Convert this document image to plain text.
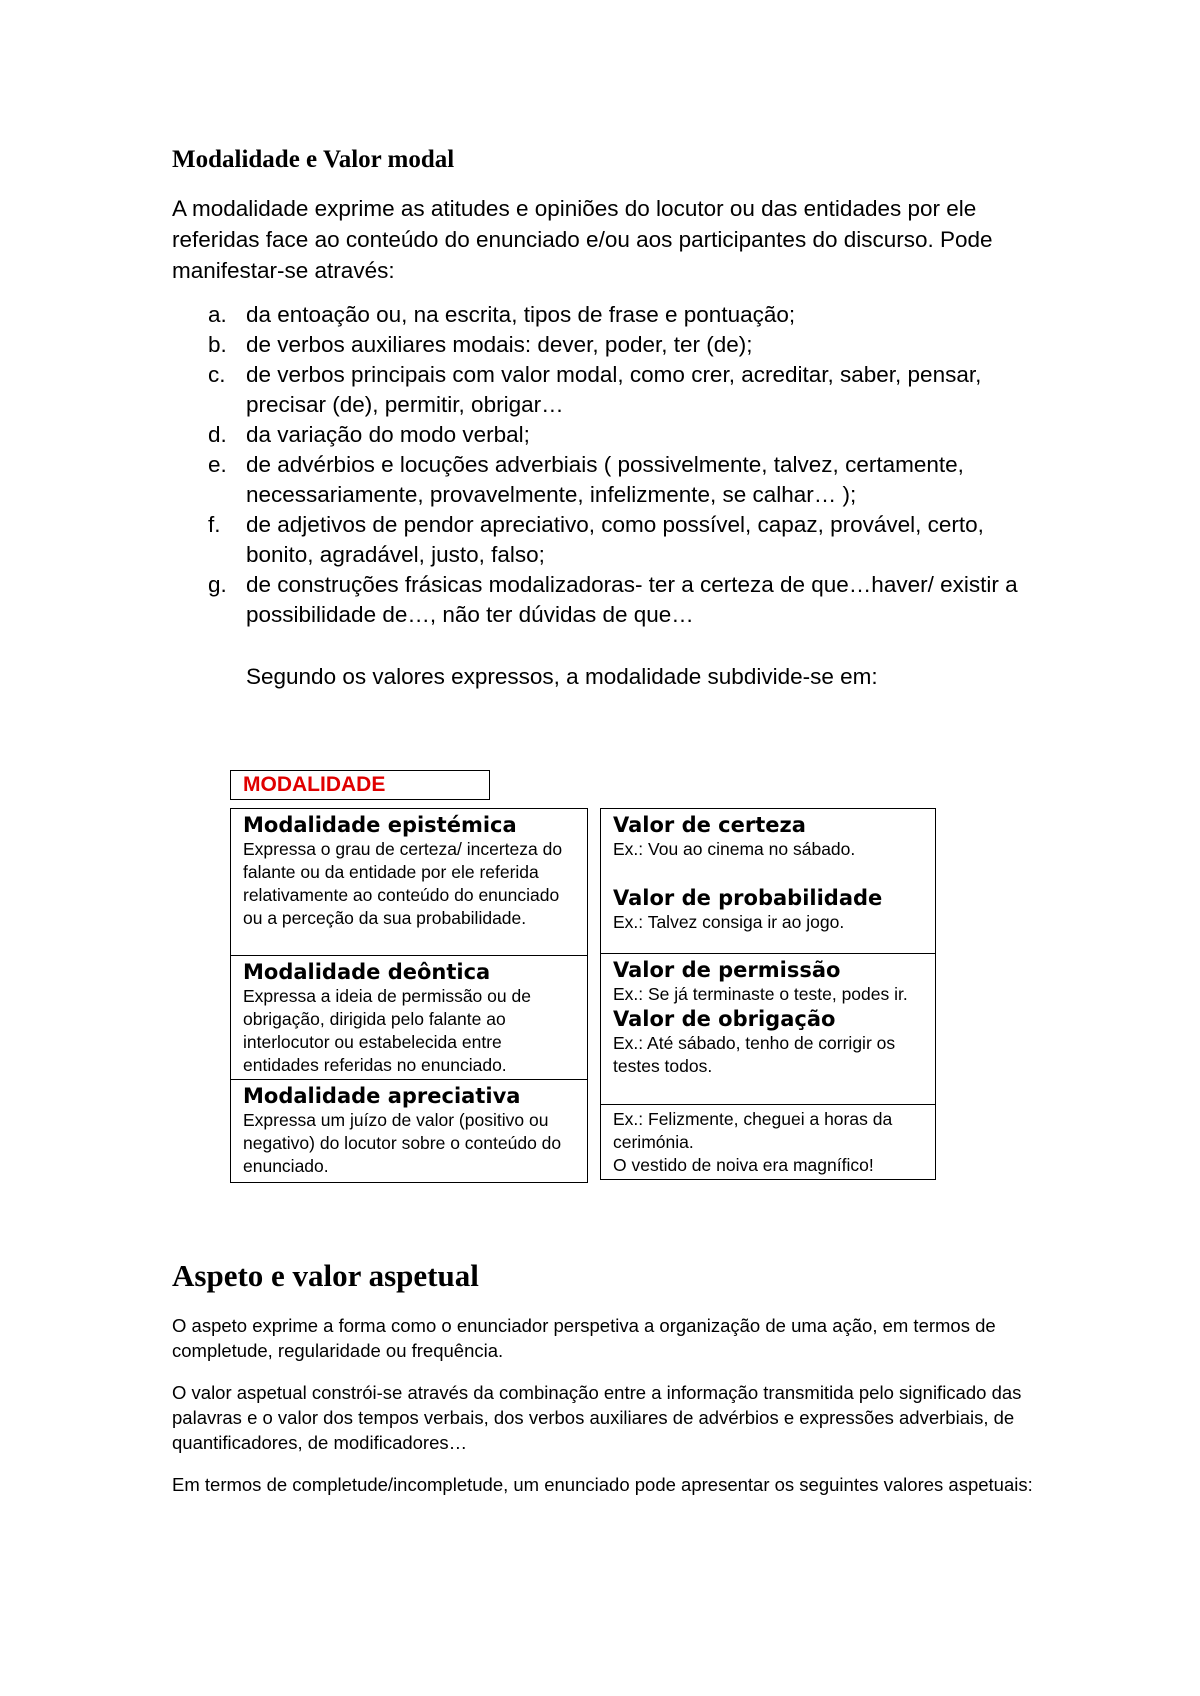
Modalidade e Valor modal

A modalidade exprime as atitudes e opiniões do locutor ou das entidades por ele referidas face ao conteúdo do enunciado e/ou aos participantes do discurso. Pode manifestar-se através:

a. da entoação ou, na escrita, tipos de frase e pontuação;
b. de verbos auxiliares modais: dever, poder, ter (de);
c. de verbos principais com valor modal, como crer, acreditar, saber, pensar, precisar (de), permitir, obrigar…
d. da variação do modo verbal;
e. de advérbios e locuções adverbiais ( possivelmente, talvez, certamente, necessariamente, provavelmente, infelizmente, se calhar… );
f. de adjetivos de pendor apreciativo, como possível, capaz, provável, certo, bonito, agradável, justo, falso;
g. de construções frásicas modalizadoras- ter a certeza de que…haver/ existir a possibilidade de…, não ter dúvidas de que…

Segundo os valores expressos, a modalidade subdivide-se em:

MODALIDADE

Modalidade epistémica

Expressa o grau de certeza/ incerteza do falante ou da entidade por ele referida relativamente ao conteúdo do enunciado ou a perceção da sua probabilidade.

Modalidade deôntica

Expressa a ideia de permissão ou de obrigação, dirigida pelo falante ao interlocutor ou estabelecida entre entidades referidas no enunciado.

Modalidade apreciativa

Expressa um juízo de valor (positivo ou negativo) do locutor sobre o conteúdo do enunciado.

Valor de certeza

Ex.: Vou ao cinema no sábado.

Valor de probabilidade

Ex.: Talvez consiga ir ao jogo.

Valor de permissão

Ex.: Se já terminaste o teste, podes ir.

Valor de obrigação

Ex.: Até sábado, tenho de corrigir os testes todos.

Ex.: Felizmente, cheguei a horas da cerimónia.

O vestido de noiva era magnífico!

Aspeto e valor aspetual

O aspeto exprime a forma como o enunciador perspetiva a organização de uma ação, em termos de completude, regularidade ou frequência.

O valor aspetual constrói-se através da combinação entre a informação transmitida pelo significado das palavras e o valor dos tempos verbais, dos verbos auxiliares de advérbios e expressões adverbiais, de quantificadores, de modificadores…

Em termos de completude/incompletude, um enunciado pode apresentar os seguintes valores aspetuais:
